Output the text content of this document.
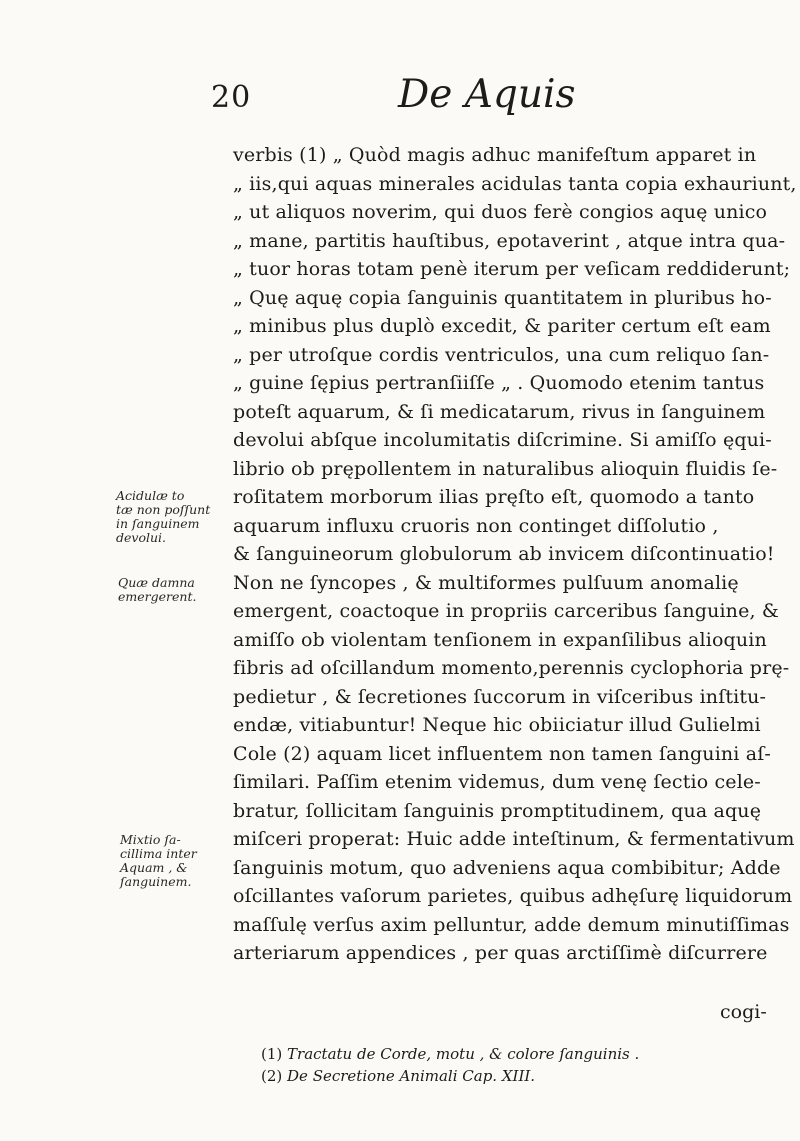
20	De Aquis
verbis (1) „ Quòd magis adhuc manifeſtum apparet in
„ iis,qui aquas minerales acidulas tanta copia exhauriunt,
„ ut aliquos noverim, qui duos ferè congios aquę unico
„ mane, partitis hauſtibus, epotaverint , atque intra qua-
„ tuor horas totam penè iterum per veſicam reddiderunt;
„ Quę aquę copia ſanguinis quantitatem in pluribus ho-
„ minibus plus duplò excedit, & pariter certum eſt eam
„ per utroſque cordis ventriculos, una cum reliquo ſan-
„ guine ſępius pertranſiiſſe „ . Quomodo etenim tantus
poteſt aquarum, & ſi medicatarum, rivus in ſanguinem
devolui abſque incolumitatis diſcrimine. Si amiſſo ęqui-
librio ob prępollentem in naturalibus alioquin fluidis ſe-
roſitatem morborum ilias pręſto eſt, quomodo a tanto
aquarum influxu cruoris non continget diſſolutio ,
& ſanguineorum globulorum ab invicem diſcontinuatio!
Non ne ſyncopes , & multiformes pulſuum anomalię
emergent, coactoque in propriis carceribus ſanguine, &
amiſſo ob violentam tenſionem in expanſilibus alioquin
fibris ad oſcillandum momento,perennis cyclophoria prę-
pedietur , & ſecretiones ſuccorum in viſceribus inſtitu-
endæ, vitiabuntur! Neque hic obiiciatur illud Gulielmi
Cole (2) aquam licet influentem non tamen ſanguini aſ-
ſimilari. Paſſim etenim videmus, dum venę ſectio cele-
bratur, ſollicitam ſanguinis promptitudinem, qua aquę
miſceri properat: Huic adde inteſtinum, & fermentativum
ſanguinis motum, quo adveniens aqua combibitur; Adde
oſcillantes vaſorum parietes, quibus adhęſurę liquidorum
maſſulę verſus axim pelluntur, adde demum minutiſſimas
arteriarum appendices , per quas arctiſſimè diſcurrere
Acidulæ to
tæ non poſſunt
in ſanguinem
devolui.
Quæ damna
emergerent.
Mixtio ſa-
cillima inter
Aquam , &
ſanguinem.
cogi-
(1) Tractatu de Corde, motu , & colore ſanguinis .
(2) De Secretione Animali Cap. XIII.
